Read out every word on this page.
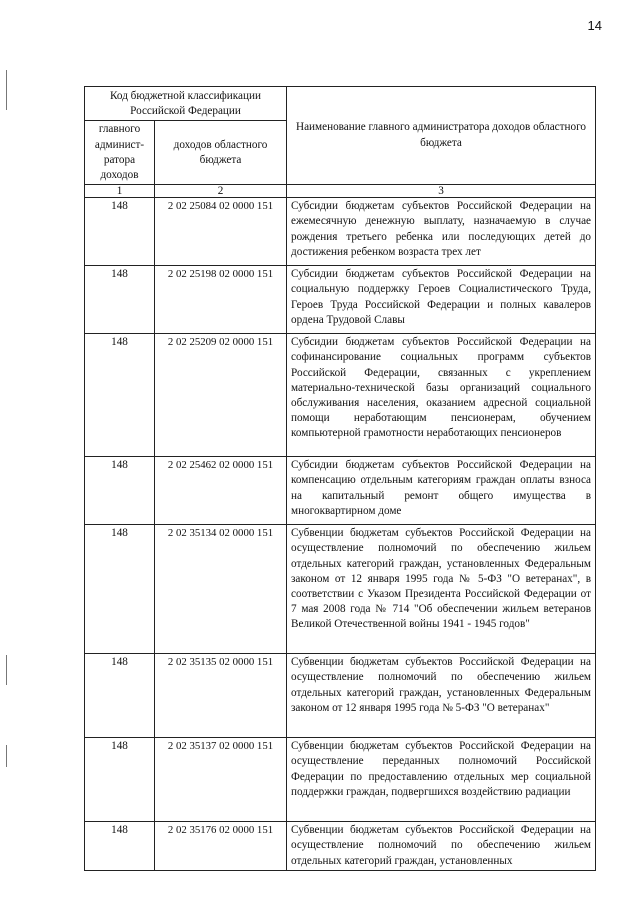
14
Код бюджетной классификации Российской Федерации		Наименование главного администратора доходов областного бюджета
главного админист-ратора доходов	доходов областного бюджета	
1	2	3
148	2 02 25084 02 0000 151	Субсидии бюджетам субъектов Российской Федерации на ежемесячную денежную выплату, назначаемую в случае рождения третьего ребенка или последующих детей до достижения ребенком возраста трех лет
148	2 02 25198 02 0000 151	Субсидии бюджетам субъектов Российской Федерации на социальную поддержку Героев Социалистического Труда, Героев Труда Российской Федерации и полных кавалеров ордена Трудовой Славы
148	2 02 25209 02 0000 151	Субсидии бюджетам субъектов Российской Федерации на софинансирование социальных программ субъектов Российской Федерации, связанных с укреплением материально-технической базы организаций социального обслуживания населения, оказанием адресной социальной помощи неработающим пенсионерам, обучением компьютерной грамотности неработающих пенсионеров
148	2 02 25462 02 0000 151	Субсидии бюджетам субъектов Российской Федерации на компенсацию отдельным категориям граждан оплаты взноса на капитальный ремонт общего имущества в многоквартирном доме
148	2 02 35134 02 0000 151	Субвенции бюджетам субъектов Российской Федерации на осуществление полномочий по обеспечению жильем отдельных категорий граждан, установленных Федеральным законом от 12 января 1995 года № 5-ФЗ "О ветеранах", в соответствии с Указом Президента Российской Федерации от 7 мая 2008 года № 714 "Об обеспечении жильем ветеранов Великой Отечественной войны 1941 - 1945 годов"
148	2 02 35135 02 0000 151	Субвенции бюджетам субъектов Российской Федерации на осуществление полномочий по обеспечению жильем отдельных категорий граждан, установленных Федеральным законом от 12 января 1995 года № 5-ФЗ "О ветеранах"
148	2 02 35137 02 0000 151	Субвенции бюджетам субъектов Российской Федерации на осуществление переданных полномочий Российской Федерации по предоставлению отдельных мер социальной поддержки граждан, подвергшихся воздействию радиации
148	2 02 35176 02 0000 151	Субвенции бюджетам субъектов Российской Федерации на осуществление полномочий по обеспечению жильем отдельных категорий граждан, установленных
